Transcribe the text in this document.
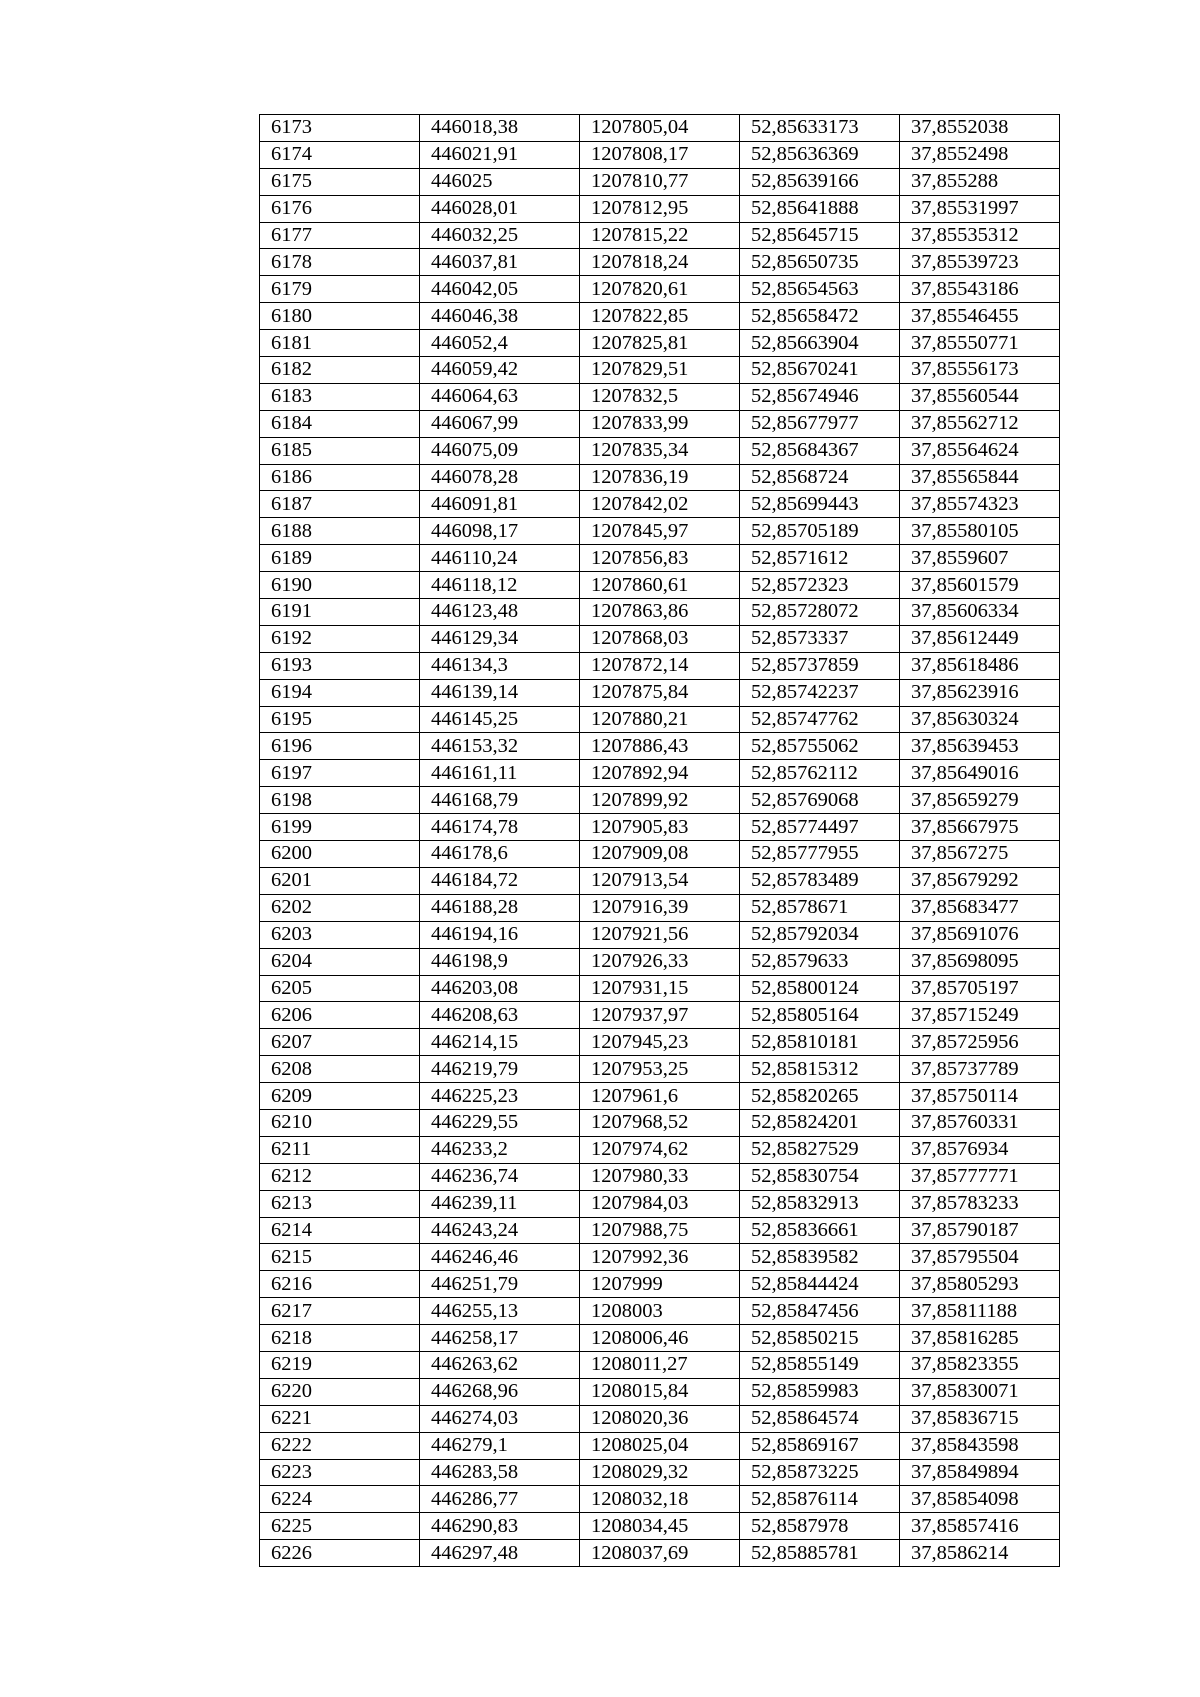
6173	446018,38	1207805,04	52,85633173	37,8552038
6174	446021,91	1207808,17	52,85636369	37,8552498
6175	446025	1207810,77	52,85639166	37,855288
6176	446028,01	1207812,95	52,85641888	37,85531997
6177	446032,25	1207815,22	52,85645715	37,85535312
6178	446037,81	1207818,24	52,85650735	37,85539723
6179	446042,05	1207820,61	52,85654563	37,85543186
6180	446046,38	1207822,85	52,85658472	37,85546455
6181	446052,4	1207825,81	52,85663904	37,85550771
6182	446059,42	1207829,51	52,85670241	37,85556173
6183	446064,63	1207832,5	52,85674946	37,85560544
6184	446067,99	1207833,99	52,85677977	37,85562712
6185	446075,09	1207835,34	52,85684367	37,85564624
6186	446078,28	1207836,19	52,8568724	37,85565844
6187	446091,81	1207842,02	52,85699443	37,85574323
6188	446098,17	1207845,97	52,85705189	37,85580105
6189	446110,24	1207856,83	52,8571612	37,8559607
6190	446118,12	1207860,61	52,8572323	37,85601579
6191	446123,48	1207863,86	52,85728072	37,85606334
6192	446129,34	1207868,03	52,8573337	37,85612449
6193	446134,3	1207872,14	52,85737859	37,85618486
6194	446139,14	1207875,84	52,85742237	37,85623916
6195	446145,25	1207880,21	52,85747762	37,85630324
6196	446153,32	1207886,43	52,85755062	37,85639453
6197	446161,11	1207892,94	52,85762112	37,85649016
6198	446168,79	1207899,92	52,85769068	37,85659279
6199	446174,78	1207905,83	52,85774497	37,85667975
6200	446178,6	1207909,08	52,85777955	37,8567275
6201	446184,72	1207913,54	52,85783489	37,85679292
6202	446188,28	1207916,39	52,8578671	37,85683477
6203	446194,16	1207921,56	52,85792034	37,85691076
6204	446198,9	1207926,33	52,8579633	37,85698095
6205	446203,08	1207931,15	52,85800124	37,85705197
6206	446208,63	1207937,97	52,85805164	37,85715249
6207	446214,15	1207945,23	52,85810181	37,85725956
6208	446219,79	1207953,25	52,85815312	37,85737789
6209	446225,23	1207961,6	52,85820265	37,85750114
6210	446229,55	1207968,52	52,85824201	37,85760331
6211	446233,2	1207974,62	52,85827529	37,8576934
6212	446236,74	1207980,33	52,85830754	37,85777771
6213	446239,11	1207984,03	52,85832913	37,85783233
6214	446243,24	1207988,75	52,85836661	37,85790187
6215	446246,46	1207992,36	52,85839582	37,85795504
6216	446251,79	1207999	52,85844424	37,85805293
6217	446255,13	1208003	52,85847456	37,85811188
6218	446258,17	1208006,46	52,85850215	37,85816285
6219	446263,62	1208011,27	52,85855149	37,85823355
6220	446268,96	1208015,84	52,85859983	37,85830071
6221	446274,03	1208020,36	52,85864574	37,85836715
6222	446279,1	1208025,04	52,85869167	37,85843598
6223	446283,58	1208029,32	52,85873225	37,85849894
6224	446286,77	1208032,18	52,85876114	37,85854098
6225	446290,83	1208034,45	52,8587978	37,85857416
6226	446297,48	1208037,69	52,85885781	37,8586214
